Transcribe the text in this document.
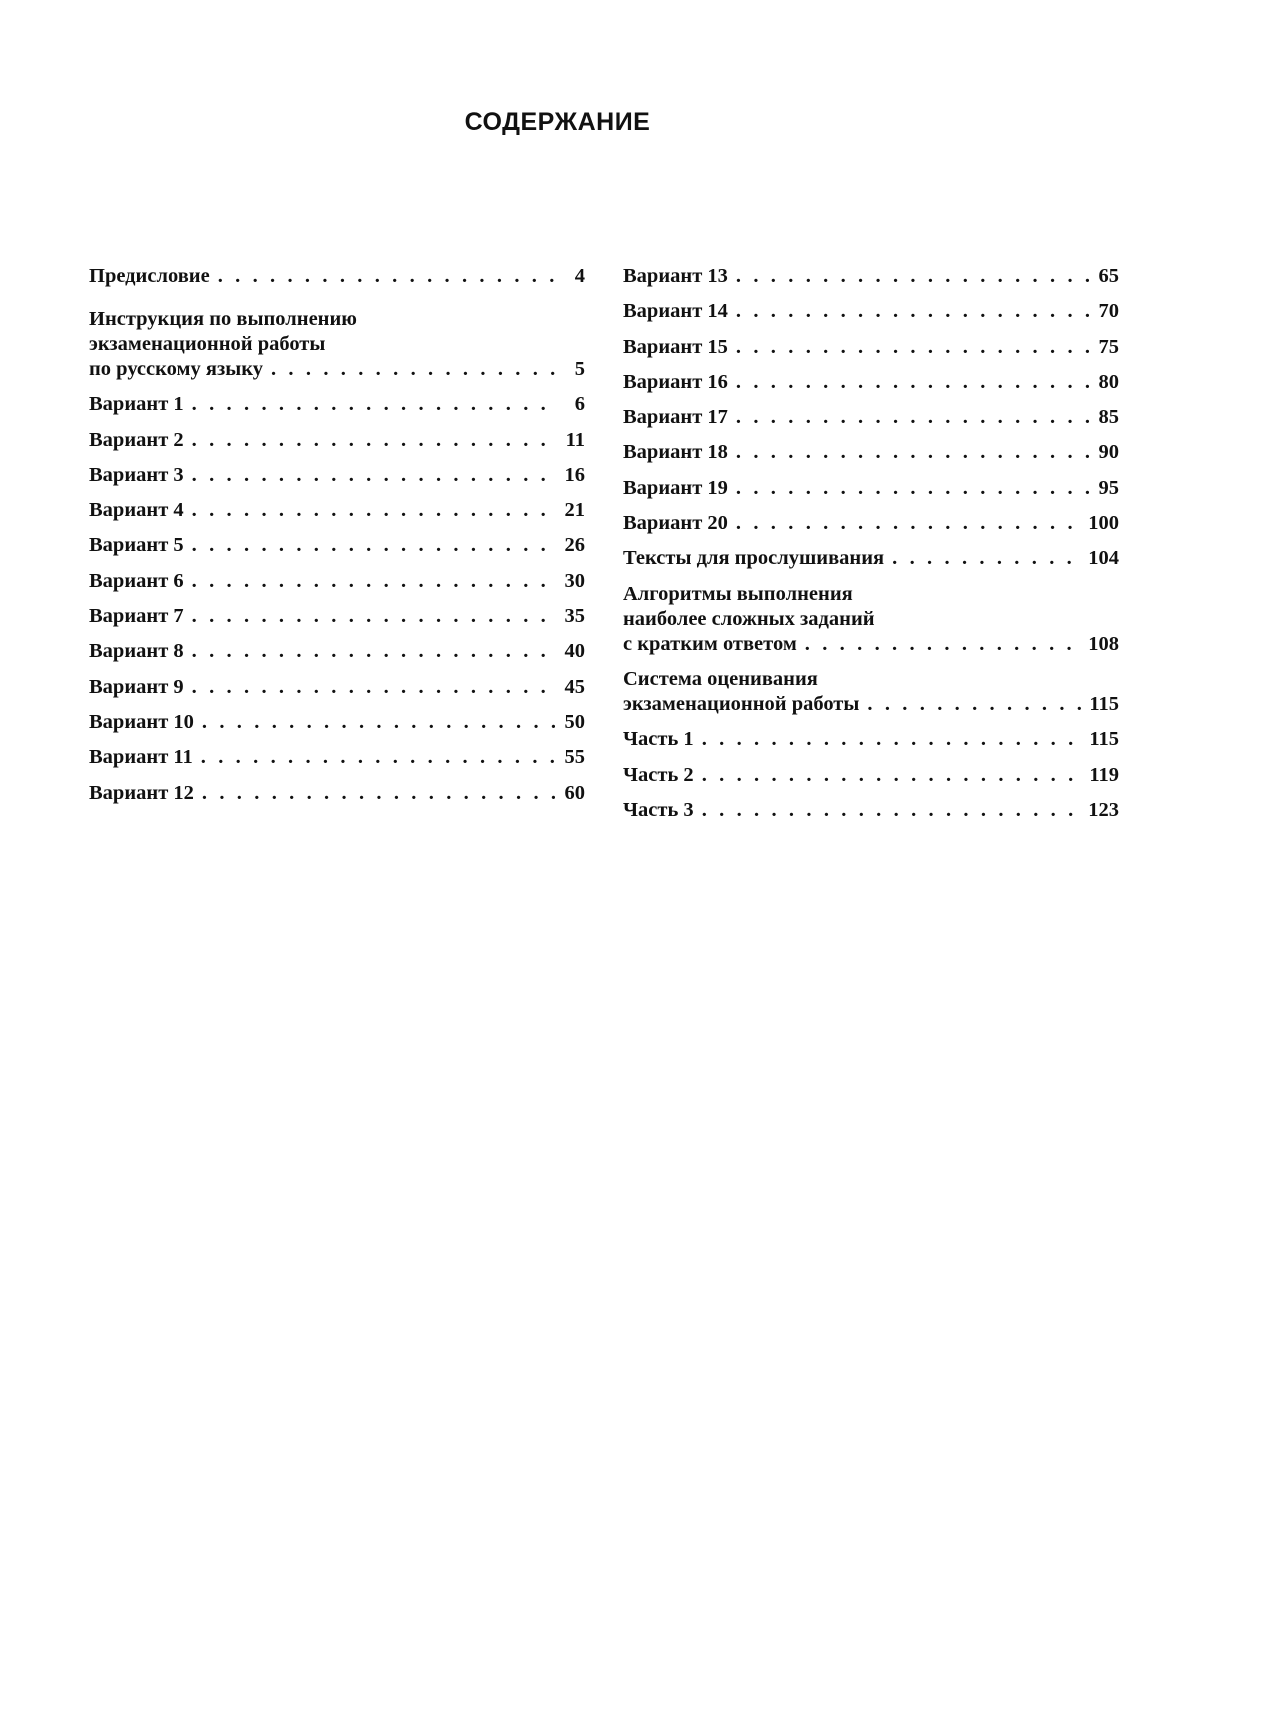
СОДЕРЖАНИЕ
Предисловие . . .	4
Инструкция по выполнению
экзаменационной работы
по русскому языку . . .	5
Вариант 1 . . .	6
Вариант 2 . . .	11
Вариант 3 . . .	16
Вариант 4 . . .	21
Вариант 5 . . .	26
Вариант 6 . . .	30
Вариант 7 . . .	35
Вариант 8 . . .	40
Вариант 9 . . .	45
Вариант 10 . . .	50
Вариант 11 . . .	55
Вариант 12 . . .	60
Вариант 13 . . .	65
Вариант 14 . . .	70
Вариант 15 . . .	75
Вариант 16 . . .	80
Вариант 17 . . .	85
Вариант 18 . . .	90
Вариант 19 . . .	95
Вариант 20 . . .	100
Тексты для прослушивания . . .	104
Алгоритмы выполнения
наиболее сложных заданий
с кратким ответом . . .	108
Система оценивания
экзаменационной работы . . .	115
Часть 1 . . .	115
Часть 2 . . .	119
Часть 3 . . .	123
